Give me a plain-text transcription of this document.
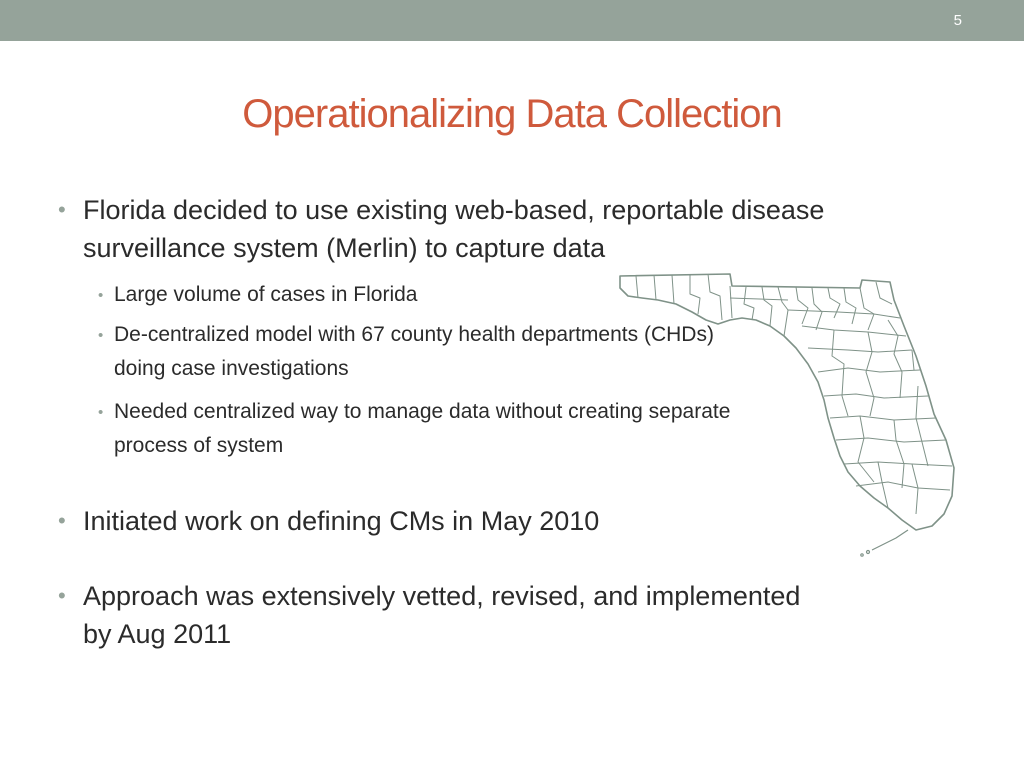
5
Operationalizing Data Collection
• Florida decided to use existing web-based, reportable disease surveillance system (Merlin) to capture data
• Large volume of cases in Florida
• De-centralized model with 67 county health departments (CHDs) doing case investigations
• Needed centralized way to manage data without creating separate process of system
• Initiated work on defining CMs in May 2010
• Approach was extensively vetted, revised, and implemented by Aug 2011
